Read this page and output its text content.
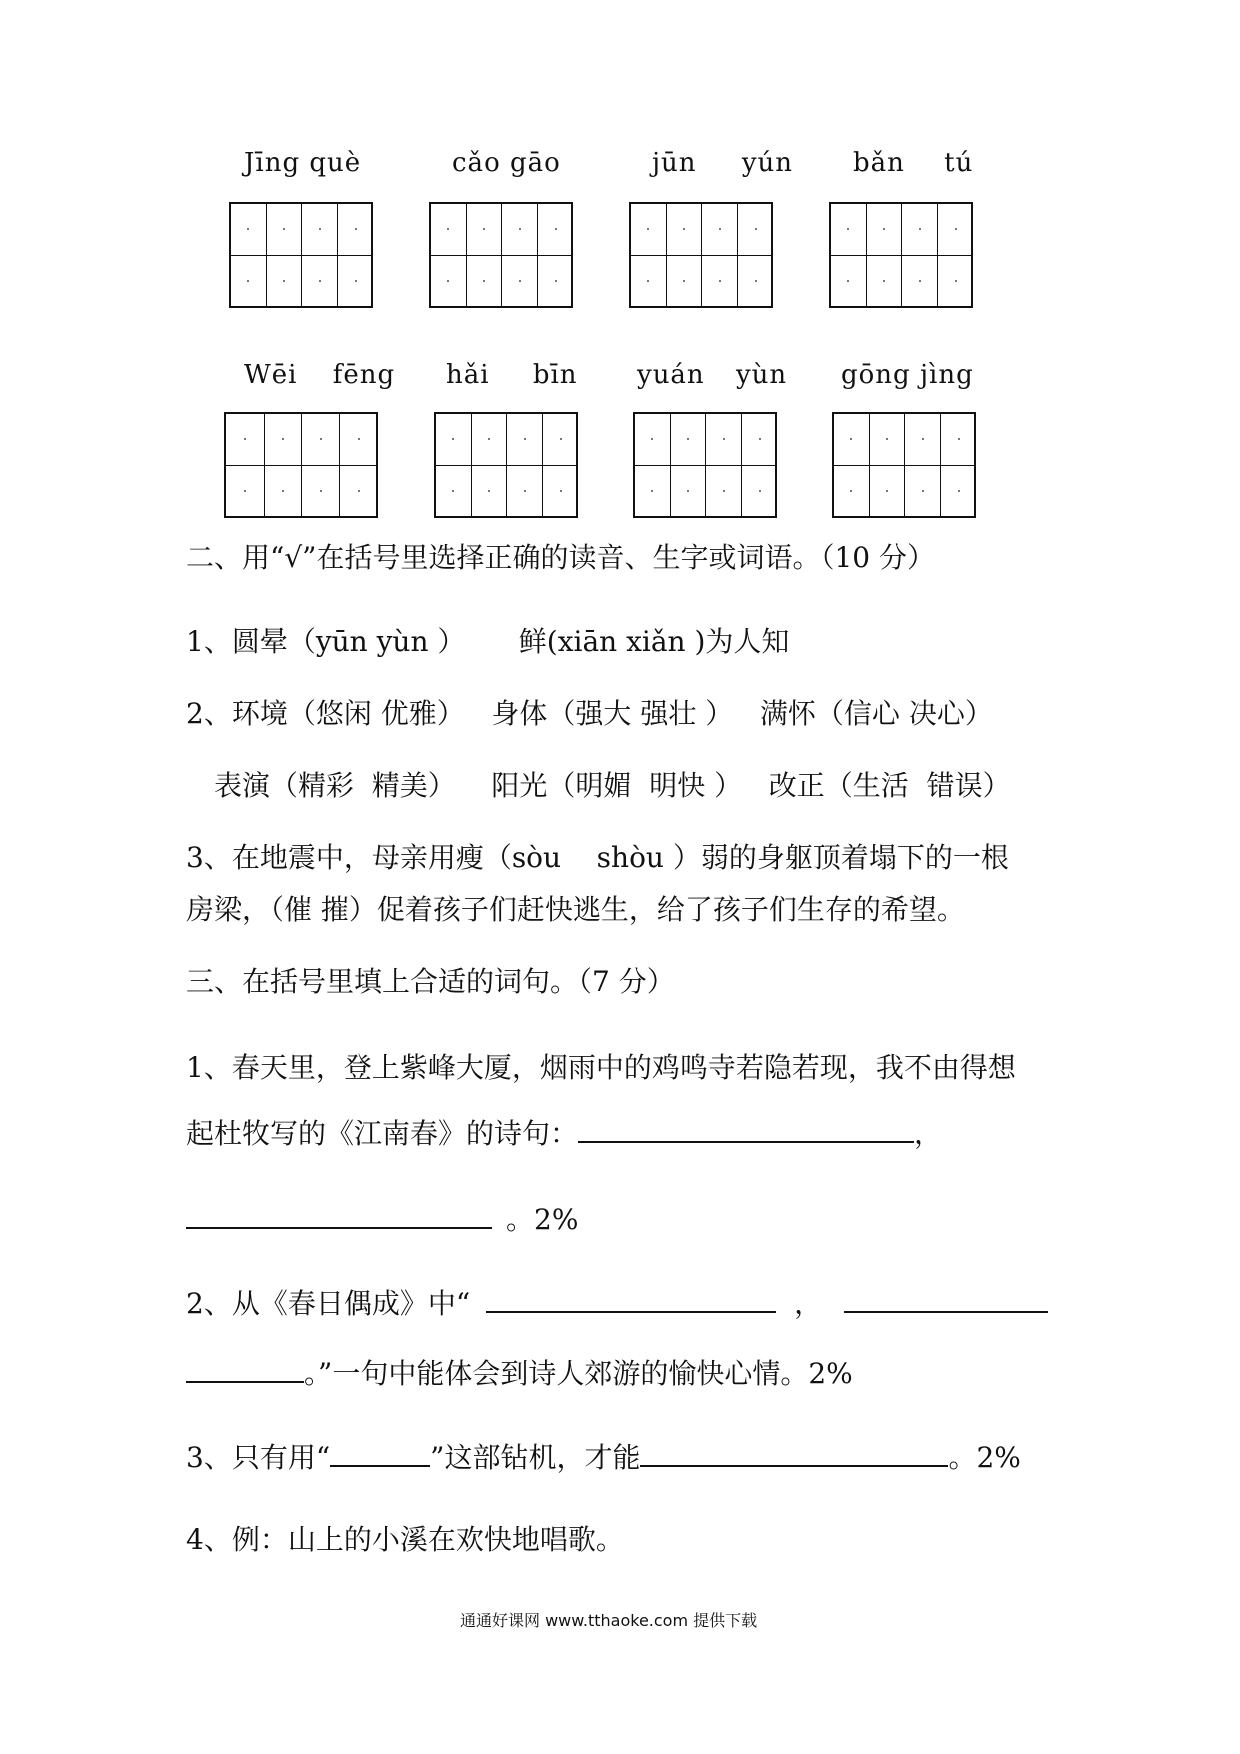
Jīng què	cǎo gāo	jūn yún bǎn tú
Wēi fēng hǎi bīn yuán yùn gōng jìng
二、用“√”在括号里选择正确的读音、生字或词语。（10 分）
1、圆晕（yūn yùn ）      鲜(xiān xiǎn )为人知
2、环境（悠闲 优雅）   身体（强大 强壮 ）   满怀（信心 决心）
表演（精彩  精美）    阳光（明媚  明快 ）   改正（生活  错误）
3、在地震中，母亲用瘦（sòu    shòu ）弱的身躯顶着塌下的一根
房梁，（催 摧）促着孩子们赶快逃生，给了孩子们生存的希望。
三、在括号里填上合适的词句。（7 分）
1、春天里，登上紫峰大厦，烟雨中的鸡鸣寺若隐若现，我不由得想
起杜牧写的《江南春》的诗句：	，
。2%
2、从《春日偶成》中“	，
。”一句中能体会到诗人郊游的愉快心情。2%
3、只有用“	”这部钻机，才能	。2%
4、例：山上的小溪在欢快地唱歌。
通通好课网 www.tthaoke.com 提供下载
